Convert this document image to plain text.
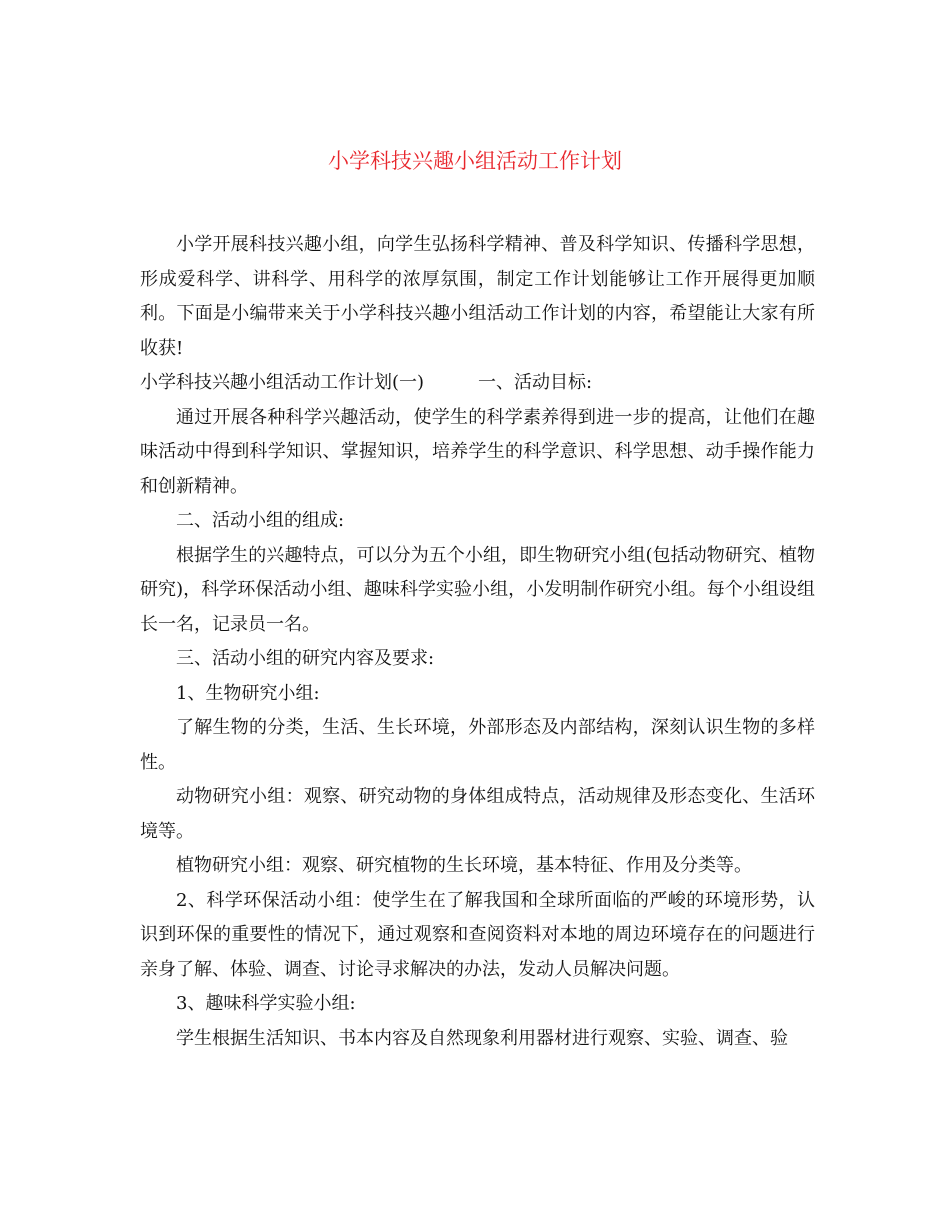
小学科技兴趣小组活动工作计划

小学开展科技兴趣小组，向学生弘扬科学精神、普及科学知识、传播科学思想，形成爱科学、讲科学、用科学的浓厚氛围，制定工作计划能够让工作开展得更加顺利。下面是小编带来关于小学科技兴趣小组活动工作计划的内容，希望能让大家有所收获!

小学科技兴趣小组活动工作计划(一)	一、活动目标:

通过开展各种科学兴趣活动，使学生的科学素养得到进一步的提高，让他们在趣味活动中得到科学知识、掌握知识，培养学生的科学意识、科学思想、动手操作能力和创新精神。

二、活动小组的组成:

根据学生的兴趣特点，可以分为五个小组，即生物研究小组(包括动物研究、植物研究)，科学环保活动小组、趣味科学实验小组，小发明制作研究小组。每个小组设组长一名，记录员一名。

三、活动小组的研究内容及要求:

1、生物研究小组:

了解生物的分类，生活、生长环境，外部形态及内部结构，深刻认识生物的多样性。

动物研究小组：观察、研究动物的身体组成特点，活动规律及形态变化、生活环境等。

植物研究小组：观察、研究植物的生长环境，基本特征、作用及分类等。

2、科学环保活动小组：使学生在了解我国和全球所面临的严峻的环境形势，认识到环保的重要性的情况下，通过观察和查阅资料对本地的周边环境存在的问题进行亲身了解、体验、调查、讨论寻求解决的办法，发动人员解决问题。

3、趣味科学实验小组:

学生根据生活知识、书本内容及自然现象利用器材进行观察、实验、调查、验
